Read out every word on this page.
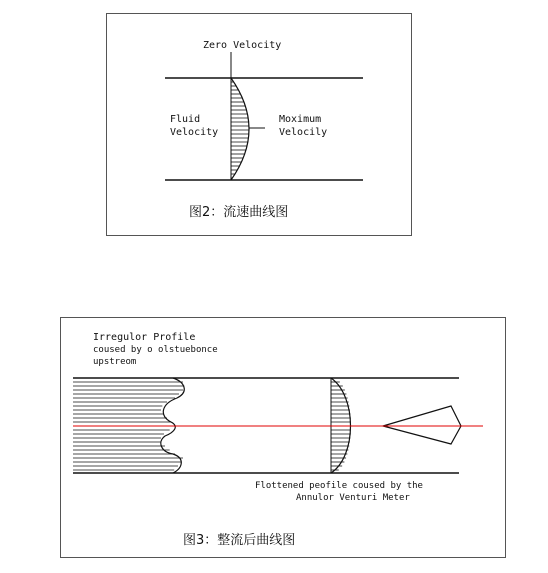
Zero Velocity
Fluid
Velocity
Moximum
Velocily
图2：流速曲线图
Irregulor Profile
coused by o olstuebonce
upstreom
Flottened peofile coused by the
Annulor Venturi Meter
图3：整流后曲线图
